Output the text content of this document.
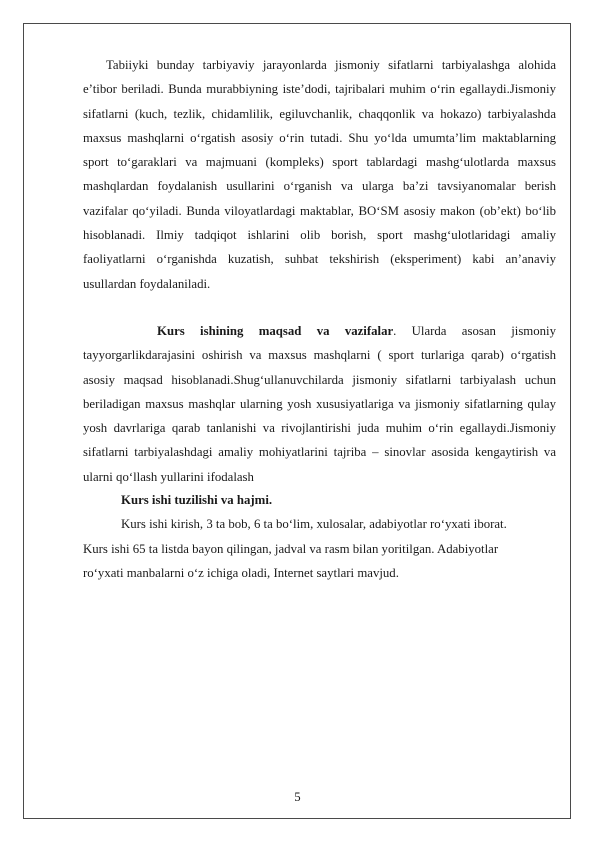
Tabiiyki bunday tarbiyaviy jarayonlarda jismoniy sifatlarni tarbiyalashga alohida e’tibor beriladi. Bunda murabbiyning iste’dodi, tajribalari muhim o‘rin egallaydi.Jismoniy sifatlarni (kuch, tezlik, chidamlilik, egiluvchanlik, chaqqonlik va hokazo) tarbiyalashda maxsus mashqlarni o‘rgatish asosiy o‘rin tutadi. Shu yo‘lda umumta’lim maktablarning sport to‘garaklari va majmuani (kompleks) sport tablardagi mashg‘ulotlarda maxsus mashqlardan foydalanish usullarini o‘rganish va ularga ba’zi tavsiyanomalar berish vazifalar qo‘yiladi. Bunda viloyatlardagi maktablar, BO‘SM asosiy makon (ob’ekt) bo‘lib hisoblanadi. Ilmiy tadqiqot ishlarini olib borish, sport mashg‘ulotlaridagi amaliy faoliyatlarni o‘rganishda kuzatish, suhbat tekshirish (eksperiment) kabi an’anaviy usullardan foydalaniladi.

Kurs ishining maqsad va vazifalar. Ularda asosan jismoniy tayyorgarlikdarajasini oshirish va maxsus mashqlarni ( sport turlariga qarab) o‘rgatish asosiy maqsad hisoblanadi.Shug‘ullanuvchilarda jismoniy sifatlarni tarbiyalash uchun beriladigan maxsus mashqlar ularning yosh xususiyatlariga va jismoniy sifatlarning qulay yosh davrlariga qarab tanlanishi va rivojlantirishi juda muhim o‘rin egallaydi.Jismoniy sifatlarni tarbiyalashdagi amaliy mohiyatlarini tajriba – sinovlar asosida kengaytirish va ularni qo‘llash yullarini ifodalash

Kurs ishi tuzilishi va hajmi.
Kurs ishi kirish, 3 ta bob, 6 ta bo‘lim, xulosalar, adabiyotlar ro‘yxati iborat.
Kurs ishi 65 ta listda bayon qilingan, jadval va rasm bilan yoritilgan. Adabiyotlar
ro‘yxati manbalarni o‘z ichiga oladi, Internet saytlari mavjud.
5
